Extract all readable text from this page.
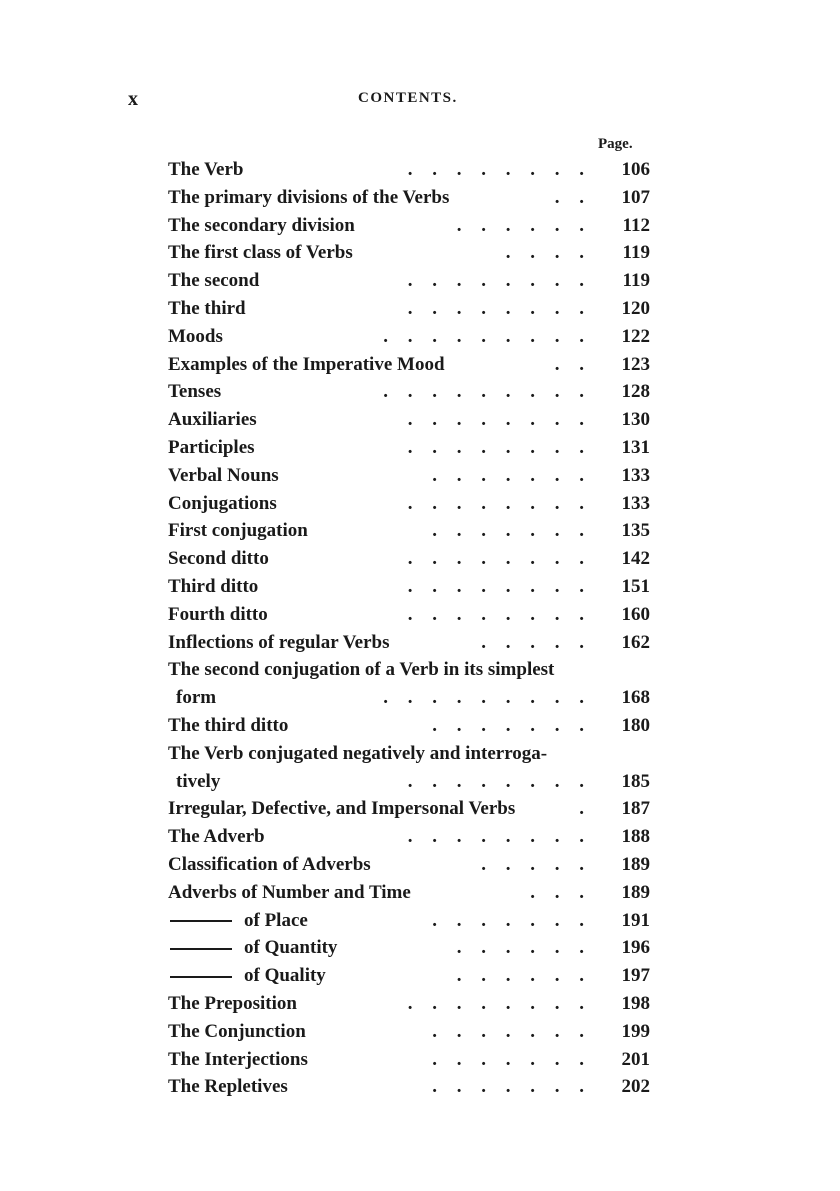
x	CONTENTS.
Page.
The Verb	. . . . . . . .	106
The primary divisions of the Verbs	. .	107
The secondary division	. . . . . .	112
The first class of Verbs	. . . .	119
The second	. . . . . . . .	119
The third	. . . . . . . .	120
Moods	. . . . . . . . .	122
Examples of the Imperative Mood	. .	123
Tenses	. . . . . . . . .	128
Auxiliaries	. . . . . . . .	130
Participles	. . . . . . . .	131
Verbal Nouns	. . . . . . .	133
Conjugations	. . . . . . . .	133
First conjugation	. . . . . . .	135
Second ditto	. . . . . . . .	142
Third ditto	. . . . . . . .	151
Fourth ditto	. . . . . . . .	160
Inflections of regular Verbs	. . . . .	162
The second conjugation of a Verb in its simplest
form	. . . . . . . . .	168
The third ditto	. . . . . . .	180
The Verb conjugated negatively and interroga-
tively	. . . . . . . .	185
Irregular, Defective, and Impersonal Verbs	.	187
The Adverb	. . . . . . . .	188
Classification of Adverbs	. . . . .	189
Adverbs of Number and Time	. . .	189
of Place	. . . . . . .	191
of Quantity	. . . . . .	196
of Quality	. . . . . .	197
The Preposition	. . . . . . . .	198
The Conjunction	. . . . . . .	199
The Interjections	. . . . . . .	201
The Repletives	. . . . . . .	202
